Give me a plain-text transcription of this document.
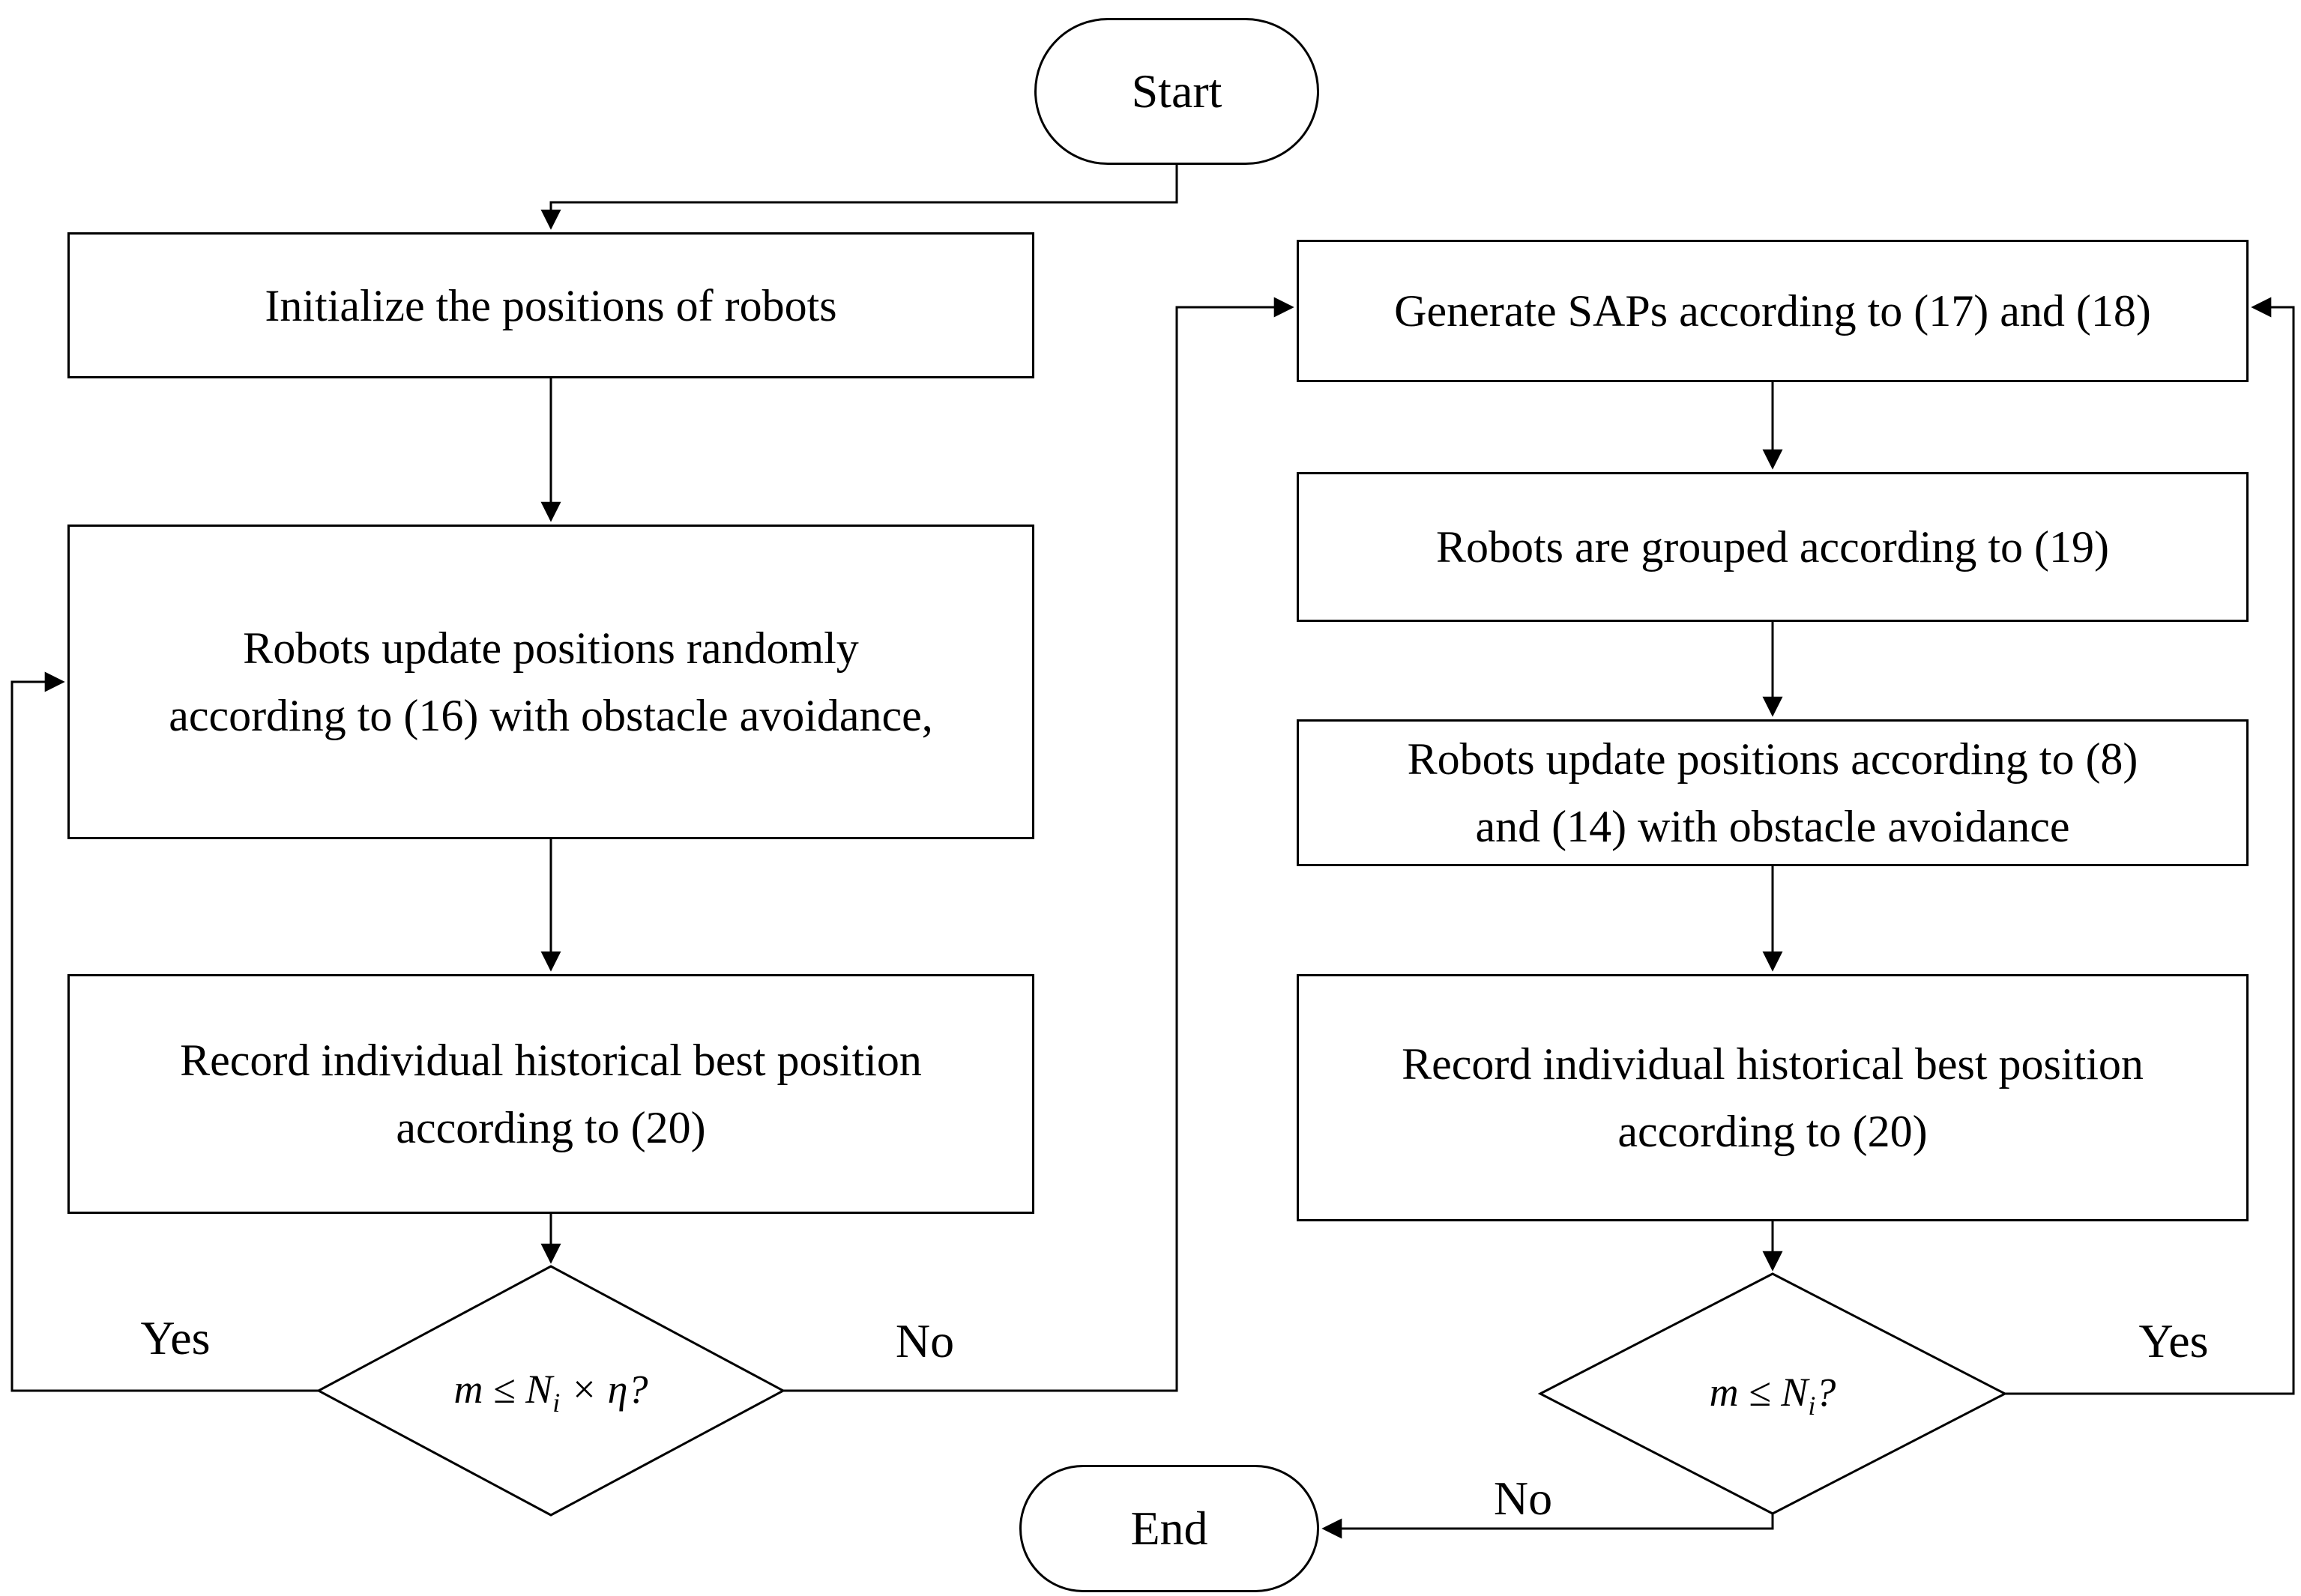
Start
Initialize the positions of robots
Robots update positions randomly
according to (16) with obstacle avoidance,
Record individual historical best position
according to (20)
$m \le N_i \times \eta$?
Yes	No
Generate SAPs according to (17) and (18)
Robots are grouped according to (19)
Robots update positions according to (8)
and (14) with obstacle avoidance
Record individual historical best position
according to (20)
$m \le N_i$?
Yes
No
End
